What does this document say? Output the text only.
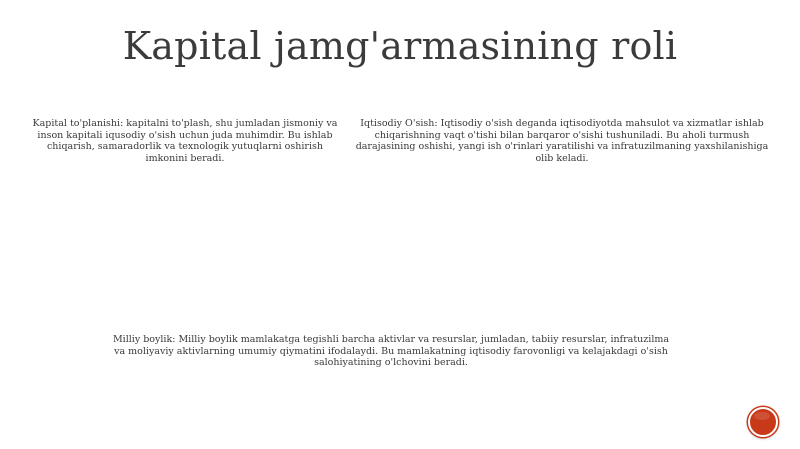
Kapital jamg'armasining roli

Kapital to'planishi: kapitalni to'plash, shu jumladan jismoniy va inson kapitali iqusodiy o'sish uchun juda muhimdir. Bu ishlab chiqarish, samaradorlik va texnologik yutuqlarni oshirish imkonini beradi.

Iqtisodiy O'sish: Iqtisodiy o'sish deganda iqtisodiyotda mahsulot va xizmatlar ishlab chiqarishning vaqt o'tishi bilan barqaror o'sishi tushuniladi. Bu aholi turmush darajasining oshishi, yangi ish o'rinlari yaratilishi va infratuzilmaning yaxshilanishiga olib keladi.

Milliy boylik: Milliy boylik mamlakatga tegishli barcha aktivlar va resurslar, jumladan, tabiiy resurslar, infratuzilma va moliyaviy aktivlarning umumiy qiymatini ifodalaydi. Bu mamlakatning iqtisodiy farovonligi va kelajakdagi o'sish salohiyatining o'lchovini beradi.
